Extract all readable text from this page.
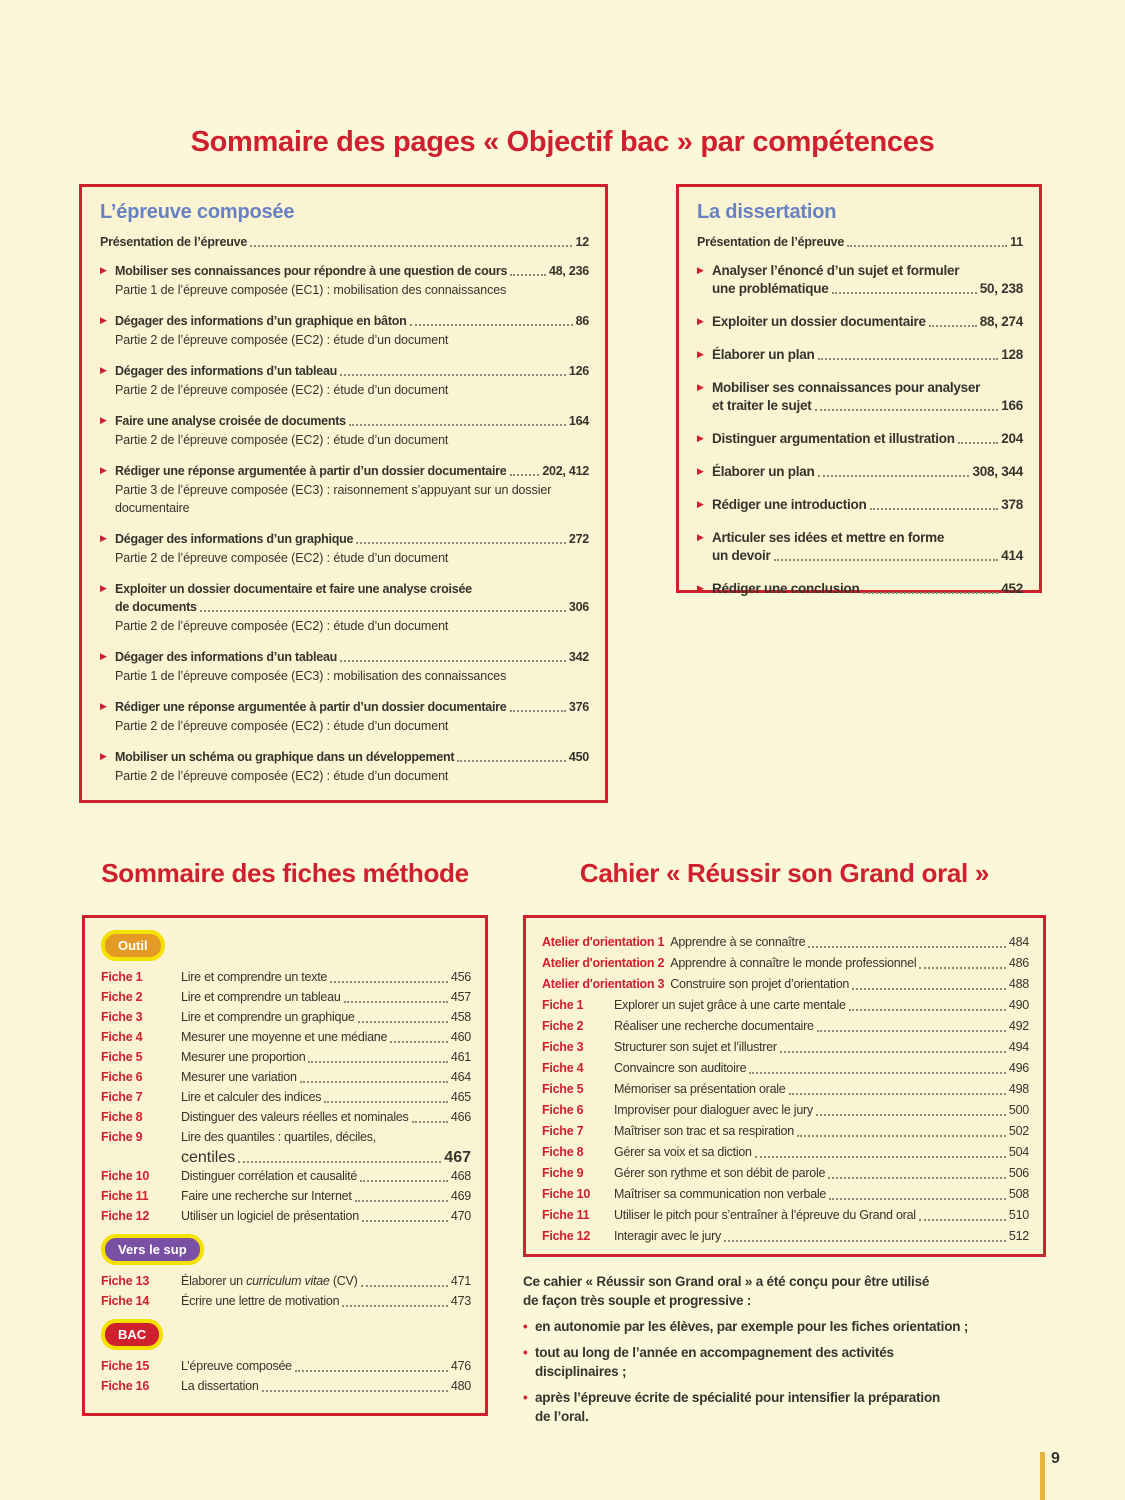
Sommaire des pages « Objectif bac » par compétences
L’épreuve composée
Présentation de l’épreuve	12
▶ Mobiliser ses connaissances pour répondre à une question de cours	48, 236
Partie 1 de l’épreuve composée (EC1) : mobilisation des connaissances
▶ Dégager des informations d’un graphique en bâton	86
Partie 2 de l’épreuve composée (EC2) : étude d’un document
▶ Dégager des informations d’un tableau	126
Partie 2 de l’épreuve composée (EC2) : étude d’un document
▶ Faire une analyse croisée de documents	164
Partie 2 de l’épreuve composée (EC2) : étude d’un document
▶ Rédiger une réponse argumentée à partir d’un dossier documentaire	202, 412
Partie 3 de l’épreuve composée (EC3) : raisonnement s’appuyant sur un dossier documentaire
▶ Dégager des informations d’un graphique	272
Partie 2 de l’épreuve composée (EC2) : étude d’un document
▶ Exploiter un dossier documentaire et faire une analyse croisée
de documents	306
Partie 2 de l’épreuve composée (EC2) : étude d’un document
▶ Dégager des informations d’un tableau	342
Partie 1 de l’épreuve composée (EC3) : mobilisation des connaissances
▶ Rédiger une réponse argumentée à partir d’un dossier documentaire	376
Partie 2 de l’épreuve composée (EC2) : étude d’un document
▶ Mobiliser un schéma ou graphique dans un développement	450
Partie 2 de l’épreuve composée (EC2) : étude d’un document
La dissertation
Présentation de l’épreuve	11
▶ Analyser l’énoncé d’un sujet et formuler
une problématique	50, 238
▶ Exploiter un dossier documentaire	88, 274
▶ Élaborer un plan	128
▶ Mobiliser ses connaissances pour analyser
et traiter le sujet	166
▶ Distinguer argumentation et illustration	204
▶ Élaborer un plan	308, 344
▶ Rédiger une introduction	378
▶ Articuler ses idées et mettre en forme
un devoir	414
▶ Rédiger une conclusion	452
Sommaire des fiches méthode	Cahier « Réussir son Grand oral »
Outil
Fiche 1	Lire et comprendre un texte	456
Fiche 2	Lire et comprendre un tableau	457
Fiche 3	Lire et comprendre un graphique	458
Fiche 4	Mesurer une moyenne et une médiane	460
Fiche 5	Mesurer une proportion	461
Fiche 6	Mesurer une variation	464
Fiche 7	Lire et calculer des indices	465
Fiche 8	Distinguer des valeurs réelles et nominales	466
Fiche 9	Lire des quantiles : quartiles, déciles,
centiles	467
Fiche 10	Distinguer corrélation et causalité	468
Fiche 11	Faire une recherche sur Internet	469
Fiche 12	Utiliser un logiciel de présentation	470
Vers le sup
Fiche 13	Élaborer un curriculum vitae (CV)	471
Fiche 14	Écrire une lettre de motivation	473
BAC
Fiche 15	L’épreuve composée	476
Fiche 16	La dissertation	480
Atelier d'orientation 1 Apprendre à se connaître	484
Atelier d'orientation 2 Apprendre à connaître le monde professionnel	486
Atelier d'orientation 3 Construire son projet d’orientation	488
Fiche 1	Explorer un sujet grâce à une carte mentale	490
Fiche 2	Réaliser une recherche documentaire	492
Fiche 3	Structurer son sujet et l’illustrer	494
Fiche 4	Convaincre son auditoire	496
Fiche 5	Mémoriser sa présentation orale	498
Fiche 6	Improviser pour dialoguer avec le jury	500
Fiche 7	Maîtriser son trac et sa respiration	502
Fiche 8	Gérer sa voix et sa diction	504
Fiche 9	Gérer son rythme et son débit de parole	506
Fiche 10	Maîtriser sa communication non verbale	508
Fiche 11	Utiliser le pitch pour s’entraîner à l’épreuve du Grand oral	510
Fiche 12	Interagir avec le jury	512
Ce cahier « Réussir son Grand oral » a été conçu pour être utilisé
de façon très souple et progressive :
• en autonomie par les élèves, par exemple pour les fiches orientation ;
• tout au long de l’année en accompagnement des activités
disciplinaires ;
• après l’épreuve écrite de spécialité pour intensifier la préparation
de l’oral.
9
